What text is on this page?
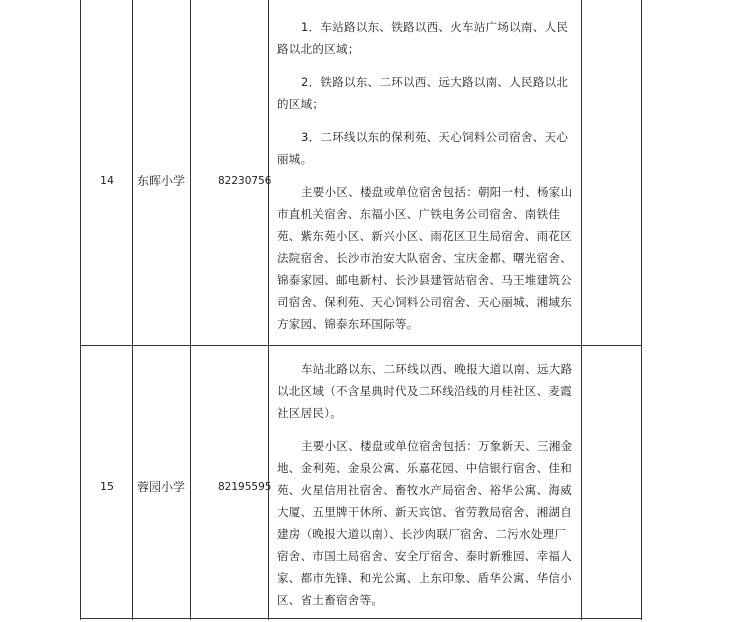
14 东晖小学	82230756

1．车站路以东、铁路以西、火车站广场以南、人民路以北的区域；

2．铁路以东、二环以西、远大路以南、人民路以北的区域；

3．二环线以东的保利苑、天心饲料公司宿舍、天心丽城。

主要小区、楼盘或单位宿舍包括：朝阳一村、杨家山市直机关宿舍、东福小区、广铁电务公司宿舍、南铁佳苑、紫东苑小区、新兴小区、雨花区卫生局宿舍、雨花区法院宿舍、长沙市治安大队宿舍、宝庆金都、曙光宿舍、锦泰家园、邮电新村、长沙县建管站宿舍、马王堆建筑公司宿舍、保利苑、天心饲料公司宿舍、天心丽城、湘域东方家园、锦泰东环国际等。

15 蓉园小学	82195595

车站北路以东、二环线以西、晚报大道以南、远大路以北区域（不含星典时代及二环线沿线的月桂社区、麦霞社区居民）。

主要小区、楼盘或单位宿舍包括：万象新天、三湘金地、金利苑、金泉公寓、乐嘉花园、中信银行宿舍、佳和苑、火星信用社宿舍、畜牧水产局宿舍、裕华公寓、海威大厦、五里牌干休所、新天宾馆、省劳教局宿舍、湘湖自建房（晚报大道以南）、长沙肉联厂宿舍、二污水处理厂宿舍、市国土局宿舍、安全厅宿舍、泰时新雅园、幸福人家、都市先锋、和光公寓、上东印象、盾华公寓、华信小区、省土畜宿舍等。
